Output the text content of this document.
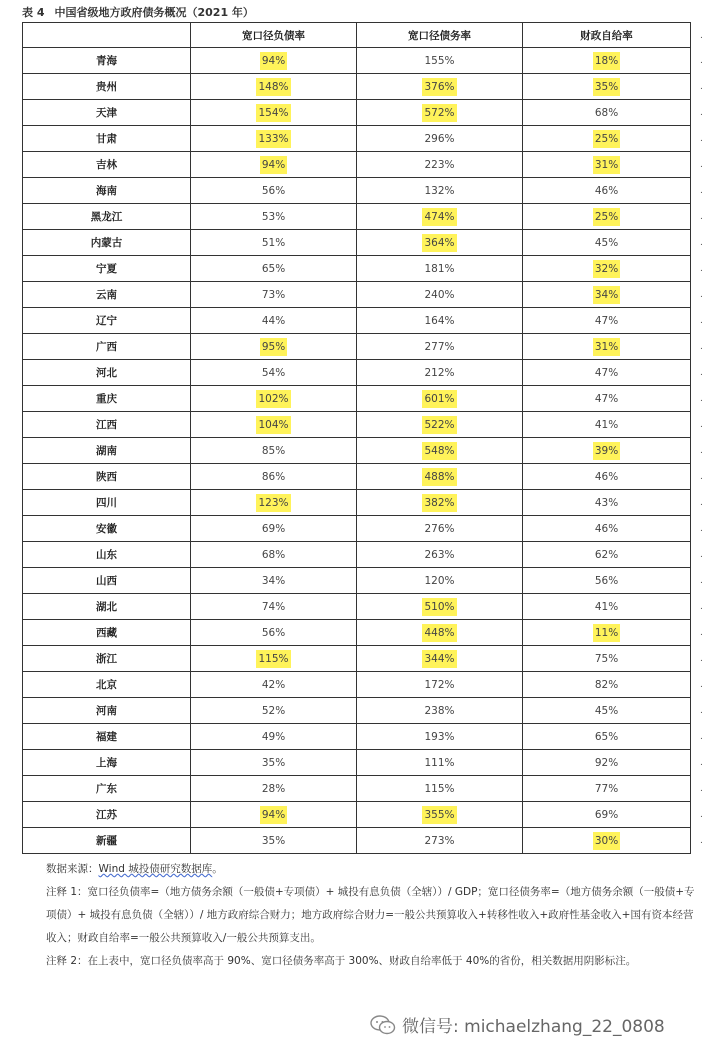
表 4 中国省级地方政府债务概况（2021 年）
	宽口径负债率	宽口径债务率	财政自给率
青海	94%	155%	18%
贵州	148%	376%	35%
天津	154%	572%	68%
甘肃	133%	296%	25%
吉林	94%	223%	31%
海南	56%	132%	46%
黑龙江	53%	474%	25%
内蒙古	51%	364%	45%
宁夏	65%	181%	32%
云南	73%	240%	34%
辽宁	44%	164%	47%
广西	95%	277%	31%
河北	54%	212%	47%
重庆	102%	601%	47%
江西	104%	522%	41%
湖南	85%	548%	39%
陕西	86%	488%	46%
四川	123%	382%	43%
安徽	69%	276%	46%
山东	68%	263%	62%
山西	34%	120%	56%
湖北	74%	510%	41%
西藏	56%	448%	11%
浙江	115%	344%	75%
北京	42%	172%	82%
河南	52%	238%	45%
福建	49%	193%	65%
上海	35%	111%	92%
广东	28%	115%	77%
江苏	94%	355%	69%
新疆	35%	273%	30%
.
.
.
.
.
.
.
.
.
.
.
.
.
.
.
.
.
.
.
.
.
.
.
.
.
.
.
.
.
.
.
.

数据来源：Wind 城投债研究数据库。

注释 1：宽口径负债率=（地方债务余额（一般债+专项债）+ 城投有息负债（全辖））/ GDP；宽口径债务率=（地方债务余额（一般债+专项债）+ 城投有息负债（全辖））/ 地方政府综合财力；地方政府综合财力=一般公共预算收入+转移性收入+政府性基金收入+国有资本经营收入；财政自给率=一般公共预算收入/一般公共预算支出。

注释 2：在上表中，宽口径负债率高于 90%、宽口径债务率高于 300%、财政自给率低于 40%的省份，相关数据用阴影标注。

微信号: michaelzhang_22_0808
